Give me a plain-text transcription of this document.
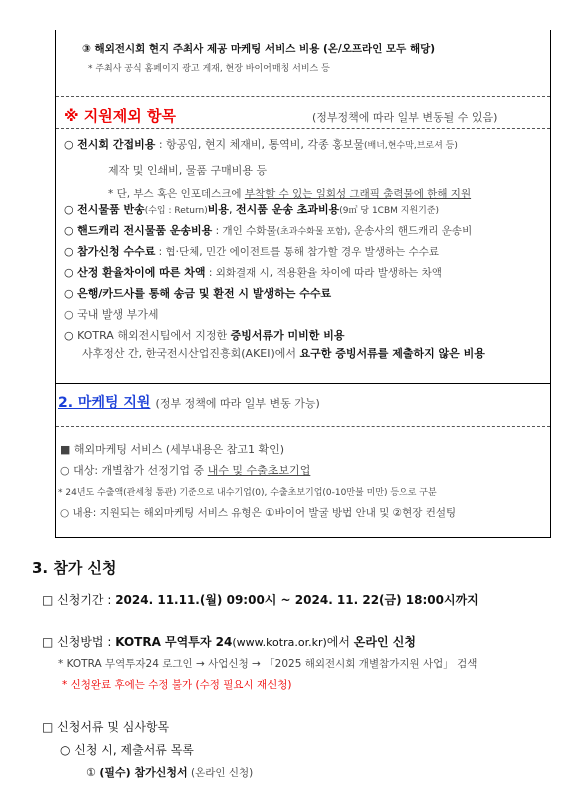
③ 해외전시회 현지 주최사 제공 마케팅 서비스 비용 (온/오프라인 모두 해당)
* 주최사 공식 홈페이지 광고 게재, 현장 바이어매칭 서비스 등
※ 지원제외 항목	(정부정책에 따라 일부 변동될 수 있음)
○ 전시회 간접비용 : 항공임, 현지 체재비, 통역비, 각종 홍보물(배너,현수막,브로셔 등)
제작 및 인쇄비, 물품 구매비용 등
* 단, 부스 혹은 인포데스크에 부착할 수 있는 일회성 그래픽 출력물에 한해 지원
○ 전시물품 반송(수입 : Return)비용, 전시품 운송 초과비용(9㎥ 당 1CBM 지원기준)
○ 핸드캐리 전시물품 운송비용 : 개인 수화물(초과수화물 포함), 운송사의 핸드캐리 운송비
○ 참가신청 수수료 : 협·단체, 민간 에이전트를 통해 참가할 경우 발생하는 수수료
○ 산정 환율차이에 따른 차액 : 외화결재 시, 적용환율 차이에 따라 발생하는 차액
○ 은행/카드사를 통해 송금 및 환전 시 발생하는 수수료
○ 국내 발생 부가세
○ KOTRA 해외전시팀에서 지정한 증빙서류가 미비한 비용
사후정산 간, 한국전시산업진흥회(AKEI)에서 요구한 증빙서류를 제출하지 않은 비용
2. 마케팅 지원 (정부 정책에 따라 일부 변동 가능)
■ 해외마케팅 서비스 (세부내용은 참고1 확인)
○ 대상: 개별참가 선정기업 중 내수 및 수출초보기업
* 24년도 수출액(관세청 통관) 기준으로 내수기업(0), 수출초보기업(0-10만불 미만) 등으로 구분
○ 내용: 지원되는 해외마케팅 서비스 유형은 ①바이어 발굴 방법 안내 및 ②현장 컨설팅
3. 참가 신청
□ 신청기간 : 2024. 11.11.(월) 09:00시 ~ 2024. 11. 22(금) 18:00시까지
□ 신청방법 : KOTRA 무역투자 24(www.kotra.or.kr)에서 온라인 신청
* KOTRA 무역투자24 로그인 → 사업신청 → 「2025 해외전시회 개별참가지원 사업」 검색
* 신청완료 후에는 수정 불가 (수정 필요시 재신청)
□ 신청서류 및 심사항목
○ 신청 시, 제출서류 목록
① (필수) 참가신청서 (온라인 신청)
